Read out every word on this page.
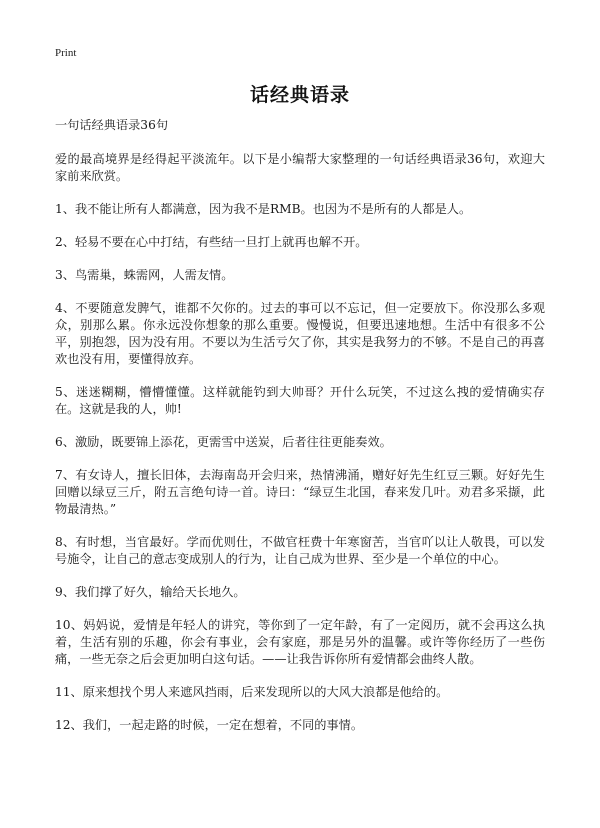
Print
话经典语录

一句话经典语录36句

爱的最高境界是经得起平淡流年。以下是小编帮大家整理的一句话经典语录36句，欢迎大家前来欣赏。

1、我不能让所有人都满意，因为我不是RMB。也因为不是所有的人都是人。

2、轻易不要在心中打结，有些结一旦打上就再也解不开。

3、鸟需巢，蛛需网，人需友情。

4、不要随意发脾气，谁都不欠你的。过去的事可以不忘记，但一定要放下。你没那么多观众，别那么累。你永远没你想象的那么重要。慢慢说，但要迅速地想。生活中有很多不公平，别抱怨，因为没有用。不要以为生活亏欠了你，其实是我努力的不够。不是自己的再喜欢也没有用，要懂得放弃。

5、迷迷糊糊，懵懵懂懂。这样就能钓到大帅哥？开什么玩笑，不过这么拽的爱情确实存在。这就是我的人，帅!

6、激励，既要锦上添花，更需雪中送炭，后者往往更能奏效。

7、有女诗人，擅长旧体，去海南岛开会归来，热情沸涌，赠好好先生红豆三颗。好好先生回赠以绿豆三斤，附五言绝句诗一首。诗曰：“绿豆生北国，春来发几叶。劝君多采撷，此物最清热。”

8、有时想，当官最好。学而优则仕，不做官枉费十年寒窗苦，当官吖以让人敬畏，可以发号施令，让自己的意志变成别人的行为，让自己成为世界、至少是一个单位的中心。

9、我们撑了好久，输给天长地久。

10、妈妈说，爱情是年轻人的讲究，等你到了一定年龄，有了一定阅历，就不会再这么执着，生活有别的乐趣，你会有事业，会有家庭，那是另外的温馨。或许等你经历了一些伤痛，一些无奈之后会更加明白这句话。——让我告诉你所有爱情都会曲终人散。

11、原来想找个男人来遮风挡雨，后来发现所以的大风大浪都是他给的。

12、我们，一起走路的时候，一定在想着，不同的事情。
